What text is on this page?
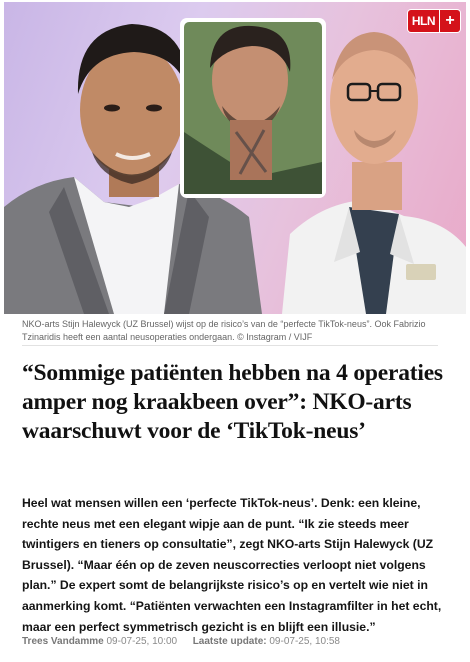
HLN +
NKO-arts Stijn Halewyck (UZ Brussel) wijst op de risico’s van de “perfecte TikTok-neus”. Ook Fabrizio Tzinaridis heeft een aantal neusoperaties ondergaan. © Instagram / VIJF
“Sommige patiënten hebben na 4 operaties amper nog kraakbeen over”: NKO-arts waarschuwt voor de ‘TikTok-neus’

Heel wat mensen willen een ‘perfecte TikTok-neus’. Denk: een kleine, rechte neus met een elegant wipje aan de punt. “Ik zie steeds meer twintigers en tieners op consultatie”, zegt NKO-arts Stijn Halewyck (UZ Brussel). “Maar één op de zeven neuscorrecties verloopt niet volgens plan.” De expert somt de belangrijkste risico’s op en vertelt wie niet in aanmerking komt. “Patiënten verwachten een Instagramfilter in het echt, maar een perfect symmetrisch gezicht is en blijft een illusie.”

Trees Vandamme 09-07-25, 10:00 Laatste update: 09-07-25, 10:58
